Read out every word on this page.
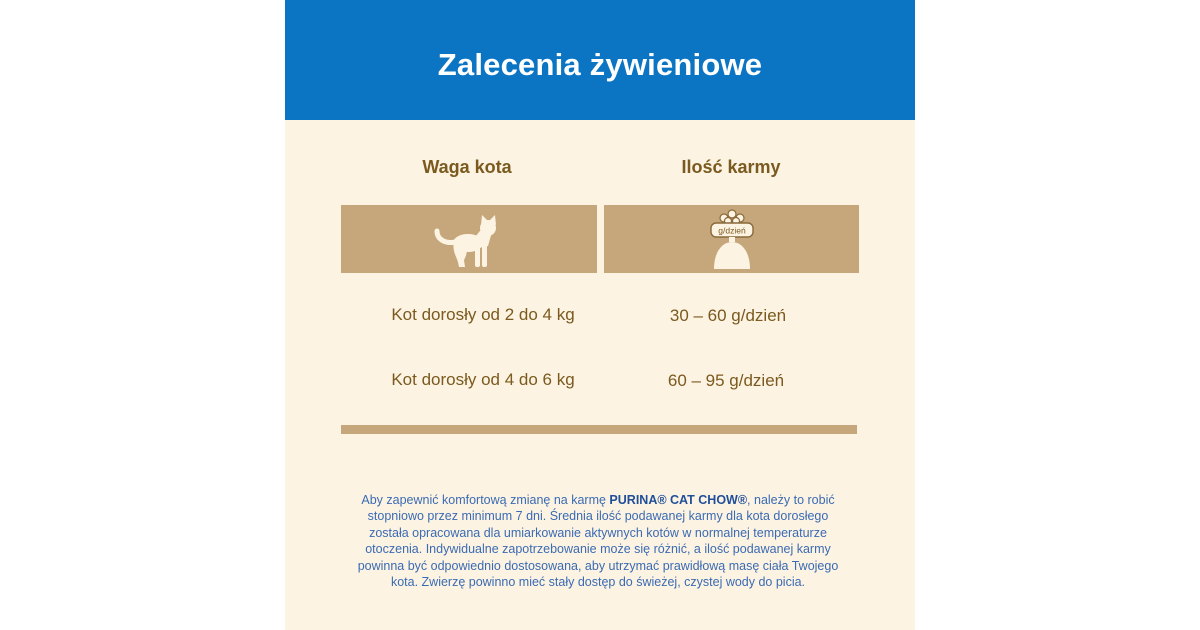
Zalecenia żywieniowe
Waga kota	Ilość karmy
g/dzień
Kot dorosły od 2 do 4 kg	30 – 60 g/dzień
Kot dorosły od 4 do 6 kg	60 – 95 g/dzień
Aby zapewnić komfortową zmianę na karmę PURINA® CAT CHOW®, należy to robić
stopniowo przez minimum 7 dni. Średnia ilość podawanej karmy dla kota dorosłego
została opracowana dla umiarkowanie aktywnych kotów w normalnej temperaturze
otoczenia. Indywidualne zapotrzebowanie może się różnić, a ilość podawanej karmy
powinna być odpowiednio dostosowana, aby utrzymać prawidłową masę ciała Twojego
kota. Zwierzę powinno mieć stały dostęp do świeżej, czystej wody do picia.
